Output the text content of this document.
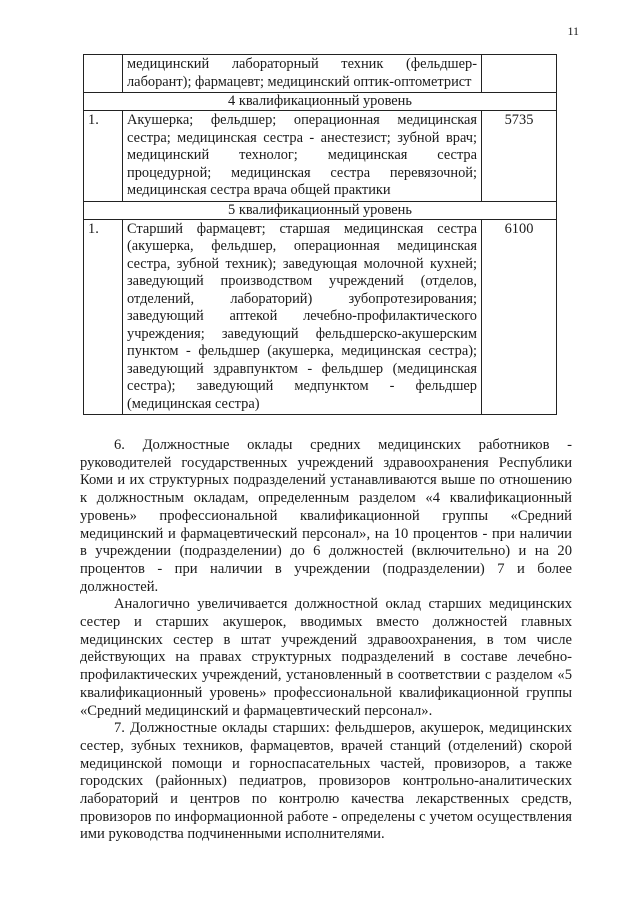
11
	медицинский лабораторный техник (фельдшер-лаборант); фармацевт; медицинский оптик-оптометрист	
4 квалификационный уровень		
1.	Акушерка; фельдшер; операционная медицинская сестра; медицинская сестра - анестезист; зубной врач; медицинский технолог; медицинская сестра процедурной; медицинская сестра перевязочной; медицинская сестра врача общей практики	5735
5 квалификационный уровень		
1.	Старший фармацевт; старшая медицинская сестра (акушерка, фельдшер, операционная медицинская сестра, зубной техник); заведующая молочной кухней; заведующий производством учреждений (отделов, отделений, лабораторий) зубопротезирования; заведующий аптекой лечебно-профилактического учреждения; заведующий фельдшерско-акушерским пунктом - фельдшер (акушерка, медицинская сестра); заведующий здравпунктом - фельдшер (медицинская сестра); заведующий медпунктом - фельдшер (медицинская сестра)	6100

6. Должностные оклады средних медицинских работников - руководителей государственных учреждений здравоохранения Республики Коми и их структурных подразделений устанавливаются выше по отношению к должностным окладам, определенным разделом «4 квалификационный уровень» профессиональной квалификационной группы «Средний медицинский и фармацевтический персонал», на 10 процентов - при наличии в учреждении (подразделении) до 6 должностей (включительно) и на 20 процентов - при наличии в учреждении (подразделении) 7 и более должностей.

Аналогично увеличивается должностной оклад старших медицинских сестер и старших акушерок, вводимых вместо должностей главных медицинских сестер в штат учреждений здравоохранения, в том числе действующих на правах структурных подразделений в составе лечебно-профилактических учреждений, установленный в соответствии с разделом «5 квалификационный уровень» профессиональной квалификационной группы «Средний медицинский и фармацевтический персонал».

7. Должностные оклады старших: фельдшеров, акушерок, медицинских сестер, зубных техников, фармацевтов, врачей станций (отделений) скорой медицинской помощи и горноспасательных частей, провизоров, а также городских (районных) педиатров, провизоров контрольно-аналитических лабораторий и центров по контролю качества лекарственных средств, провизоров по информационной работе - определены с учетом осуществления ими руководства подчиненными исполнителями.
